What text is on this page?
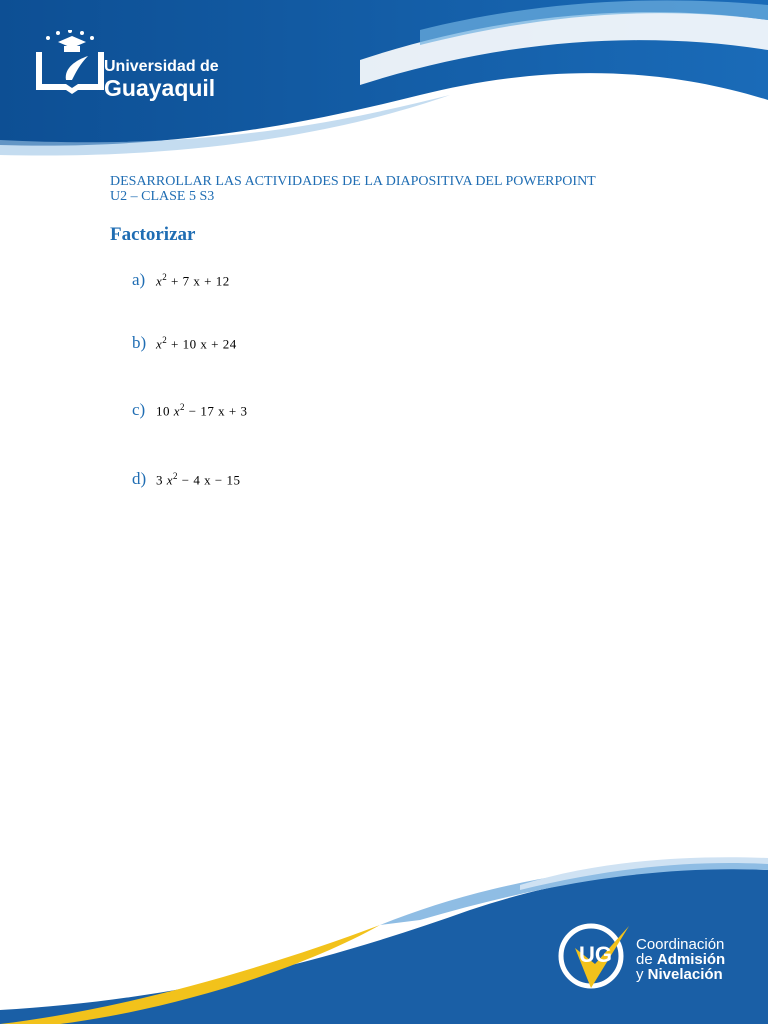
Universidad de
Guayaquil
DESARROLLAR LAS ACTIVIDADES DE LA DIAPOSITIVA DEL POWERPOINT
U2 – CLASE 5 S3
Factorizar
a) $x^2 + 7$ x + 12
b) $x^2 + 10$ x + 24
c) 10 $x^2 - 17$ x + 3
d) 3 $x^2 - 4$ x − 15
UG Coordinación
de Admisión
y Nivelación
